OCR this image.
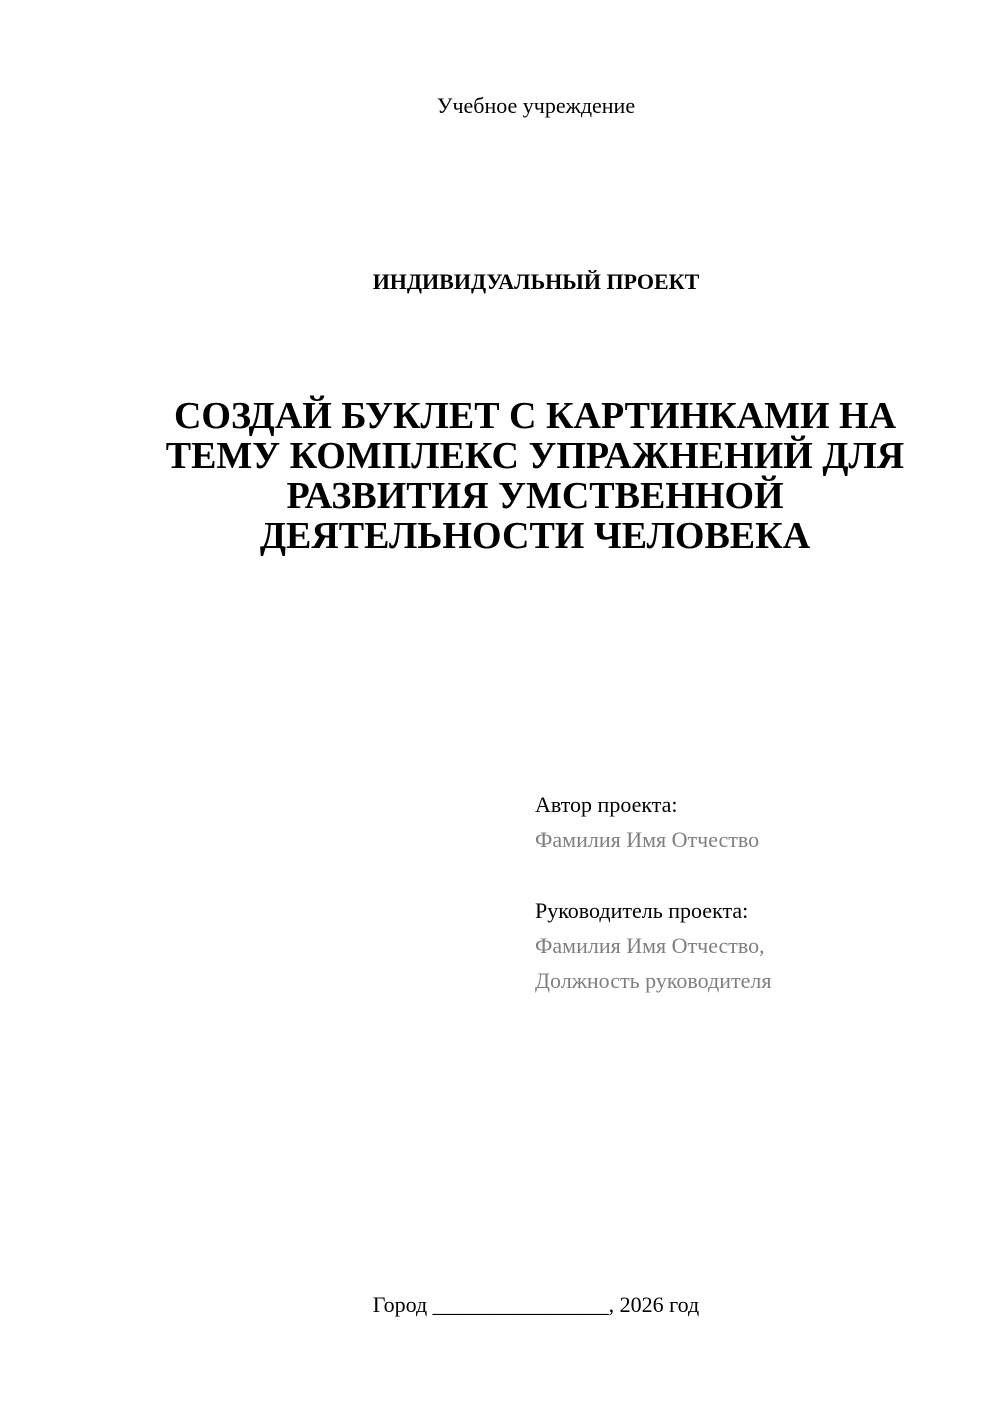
Учебное учреждение
ИНДИВИДУАЛЬНЫЙ ПРОЕКТ
СОЗДАЙ БУКЛЕТ С КАРТИНКАМИ НА
ТЕМУ КОМПЛЕКС УПРАЖНЕНИЙ ДЛЯ
РАЗВИТИЯ УМСТВЕННОЙ
ДЕЯТЕЛЬНОСТИ ЧЕЛОВЕКА
Автор проекта:
Фамилия Имя Отчество
Руководитель проекта:
Фамилия Имя Отчество,
Должность руководителя
Город ________________, 2026 год
